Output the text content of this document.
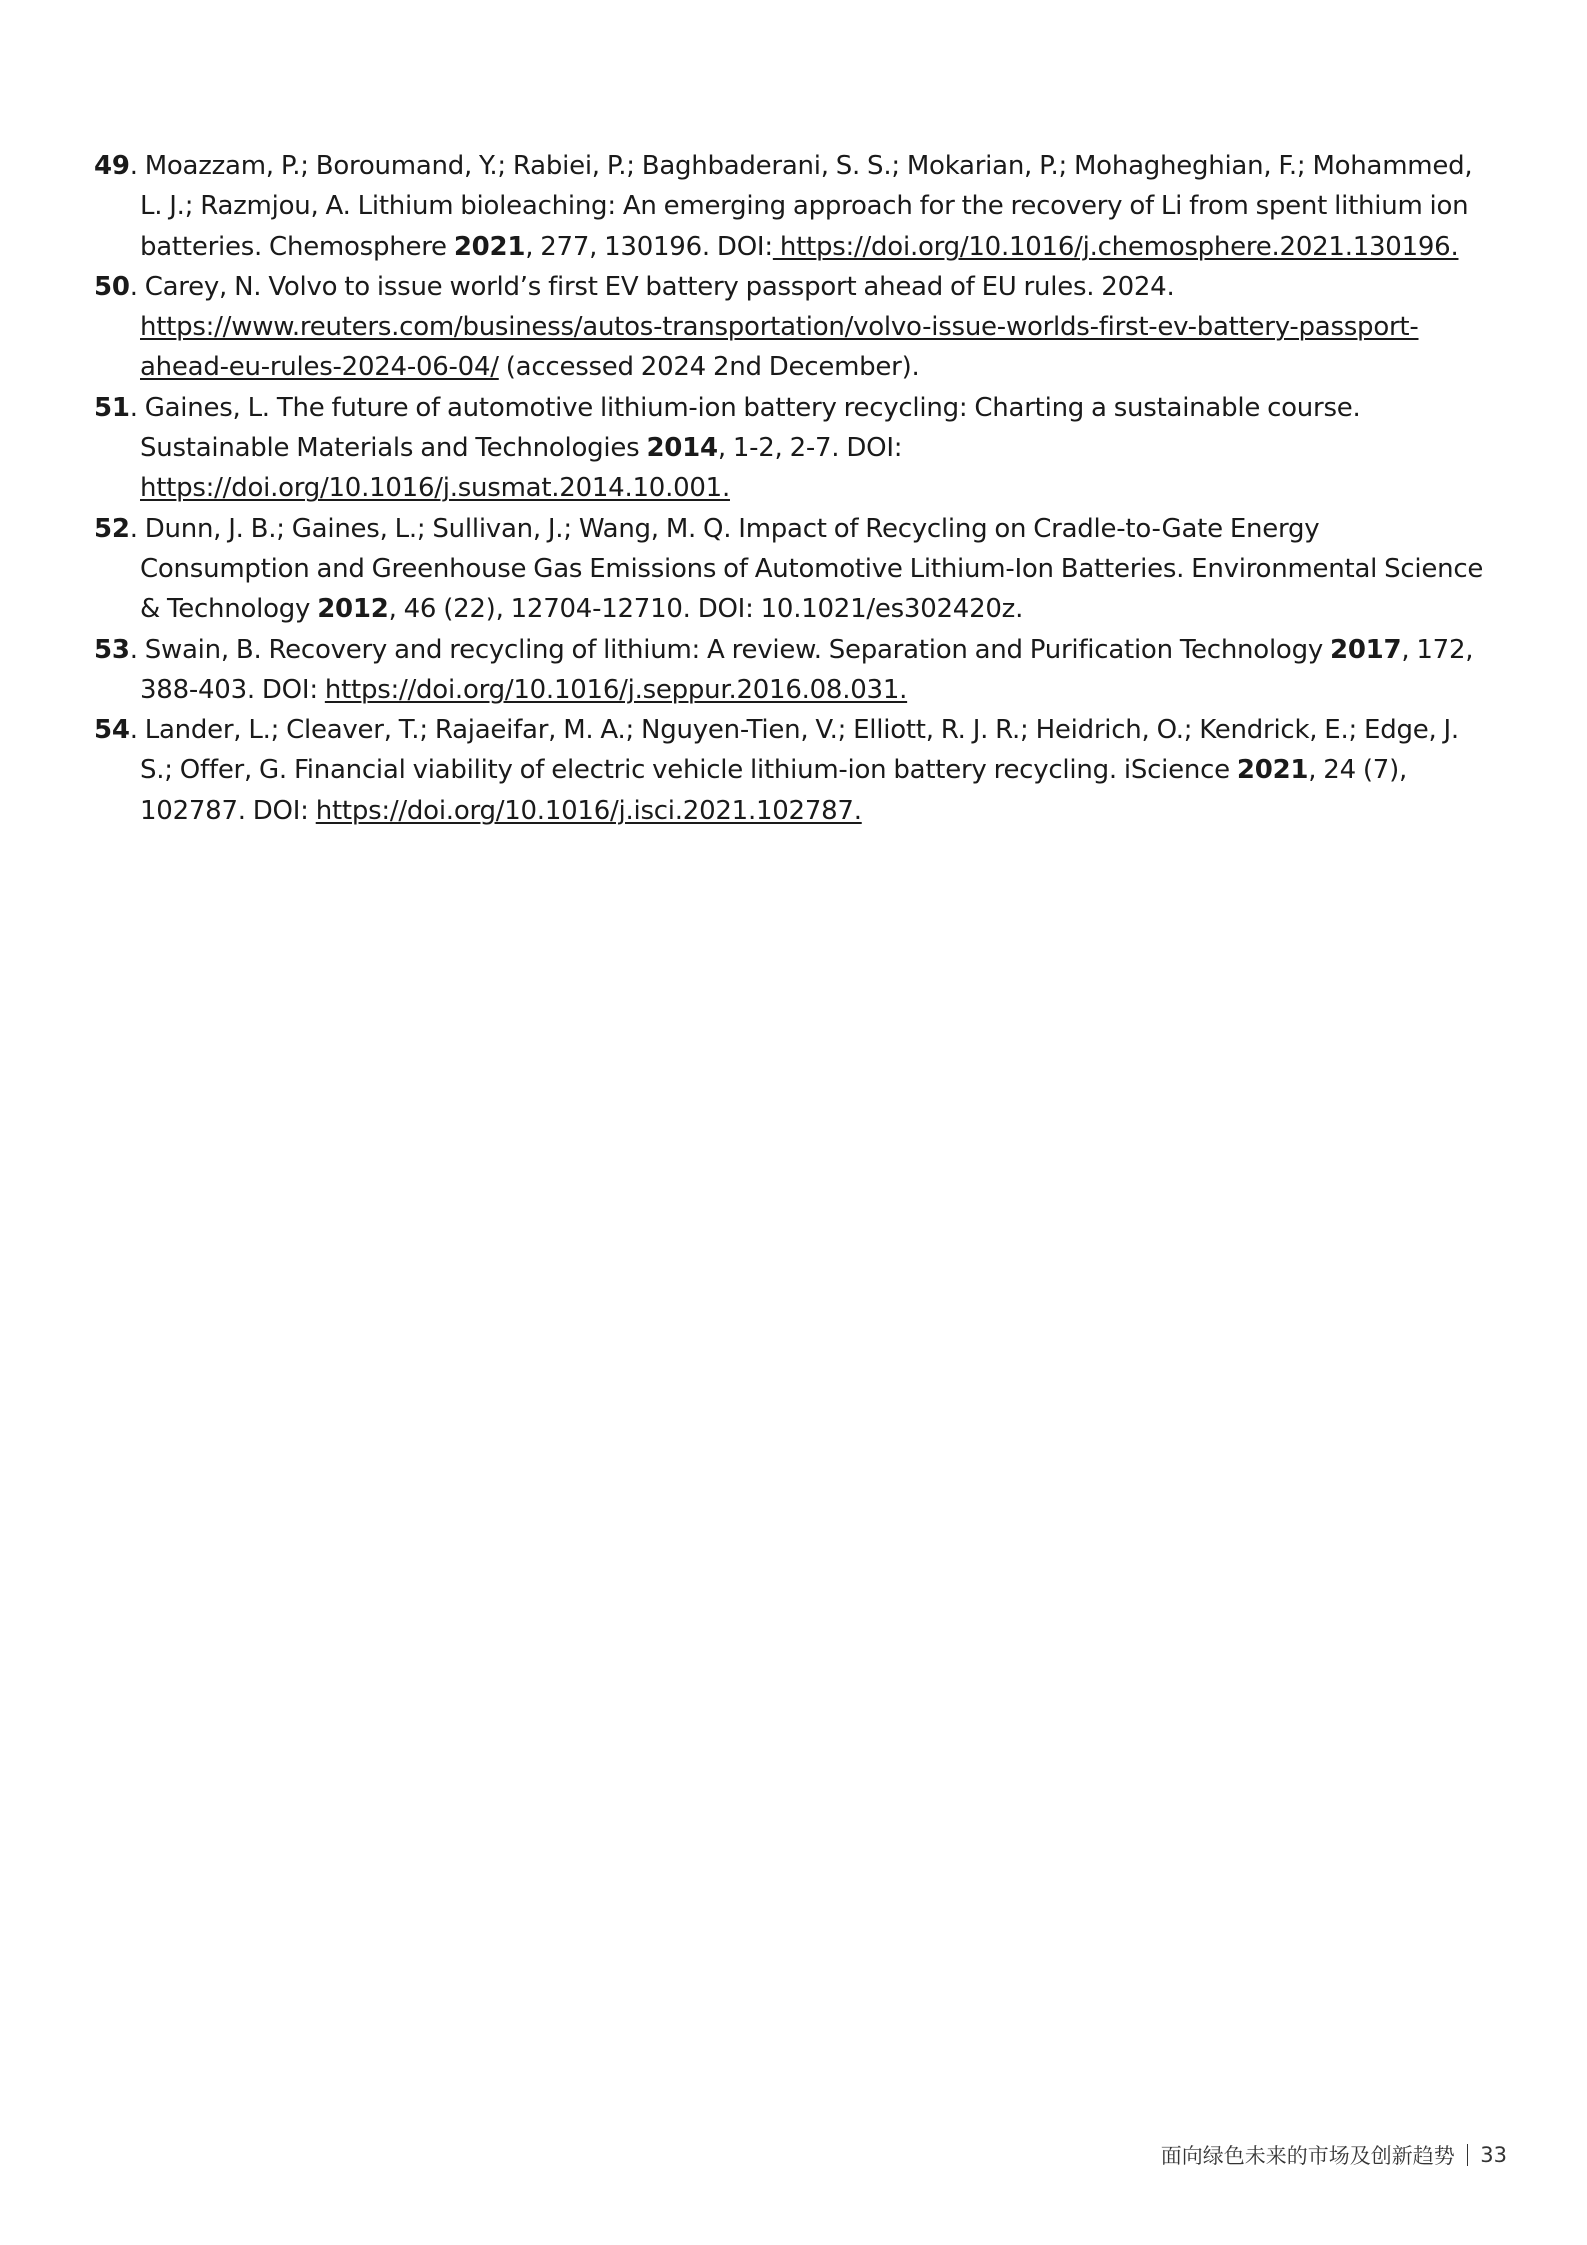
49. Moazzam, P.; Boroumand, Y.; Rabiei, P.; Baghbaderani, S. S.; Mokarian, P.; Mohagheghian, F.; Mohammed, L. J.; Razmjou, A. Lithium bioleaching: An emerging approach for the recovery of Li from spent lithium ion batteries. Chemosphere 2021, 277, 130196. DOI: https://doi.org/10.1016/j.chemosphere.2021.130196.
50. Carey, N. Volvo to issue world’s first EV battery passport ahead of EU rules. 2024. https://www.reuters.com/business/autos-transportation/volvo-issue-worlds-first-ev-battery-passport-ahead-eu-rules-2024-06-04/ (accessed 2024 2nd December).
51. Gaines, L. The future of automotive lithium-ion battery recycling: Charting a sustainable course. Sustainable Materials and Technologies 2014, 1-2, 2-7. DOI: https://doi.org/10.1016/j.susmat.2014.10.001.
52. Dunn, J. B.; Gaines, L.; Sullivan, J.; Wang, M. Q. Impact of Recycling on Cradle-to-Gate Energy Consumption and Greenhouse Gas Emissions of Automotive Lithium-Ion Batteries. Environmental Science & Technology 2012, 46 (22), 12704-12710. DOI: 10.1021/es302420z.
53. Swain, B. Recovery and recycling of lithium: A review. Separation and Purification Technology 2017, 172, 388-403. DOI: https://doi.org/10.1016/j.seppur.2016.08.031.
54. Lander, L.; Cleaver, T.; Rajaeifar, M. A.; Nguyen-Tien, V.; Elliott, R. J. R.; Heidrich, O.; Kendrick, E.; Edge, J. S.; Offer, G. Financial viability of electric vehicle lithium-ion battery recycling. iScience 2021, 24 (7), 102787. DOI: https://doi.org/10.1016/j.isci.2021.102787.
面向绿色未来的市场及创新趋势 33
